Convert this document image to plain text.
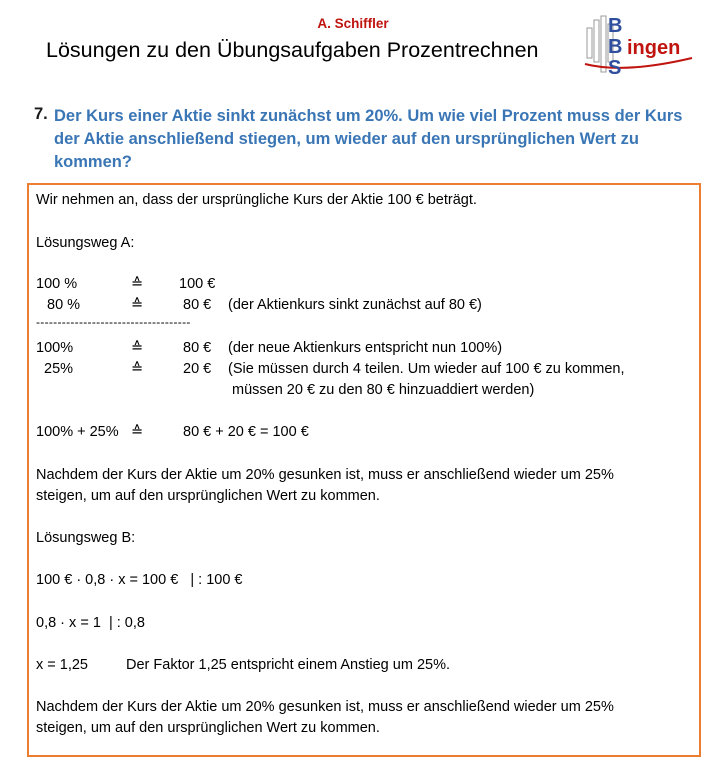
A. Schiffler
Lösungen zu den Übungsaufgaben Prozentrechnen
B
B ingen
S
7. Der Kurs einer Aktie sinkt zunächst um 20%. Um wie viel Prozent muss der Kurs der Aktie anschließend stiegen, um wieder auf den ursprünglichen Wert zu kommen?
Wir nehmen an, dass der ursprüngliche Kurs der Aktie 100 € beträgt.
Lösungsweg A:
100 %	≙ 100 €
80 %	≙	80 € (der Aktienkurs sinkt zunächst auf 80 €)
------------------------------------
100%	≙	80 € (der neue Aktienkurs entspricht nun 100%)
25%	≙	20 € (Sie müssen durch 4 teilen. Um wieder auf 100 € zu kommen,
müssen 20 € zu den 80 € hinzuaddiert werden)
100% + 25% ≙	80 € + 20 € = 100 €
Nachdem der Kurs der Aktie um 20% gesunken ist, muss er anschließend wieder um 25%
steigen, um auf den ursprünglichen Wert zu kommen.
Lösungsweg B:
100 € · 0,8 · x = 100 €   | : 100 €
0,8 · x = 1  | : 0,8
x = 1,25	Der Faktor 1,25 entspricht einem Anstieg um 25%.
Nachdem der Kurs der Aktie um 20% gesunken ist, muss er anschließend wieder um 25%
steigen, um auf den ursprünglichen Wert zu kommen.
